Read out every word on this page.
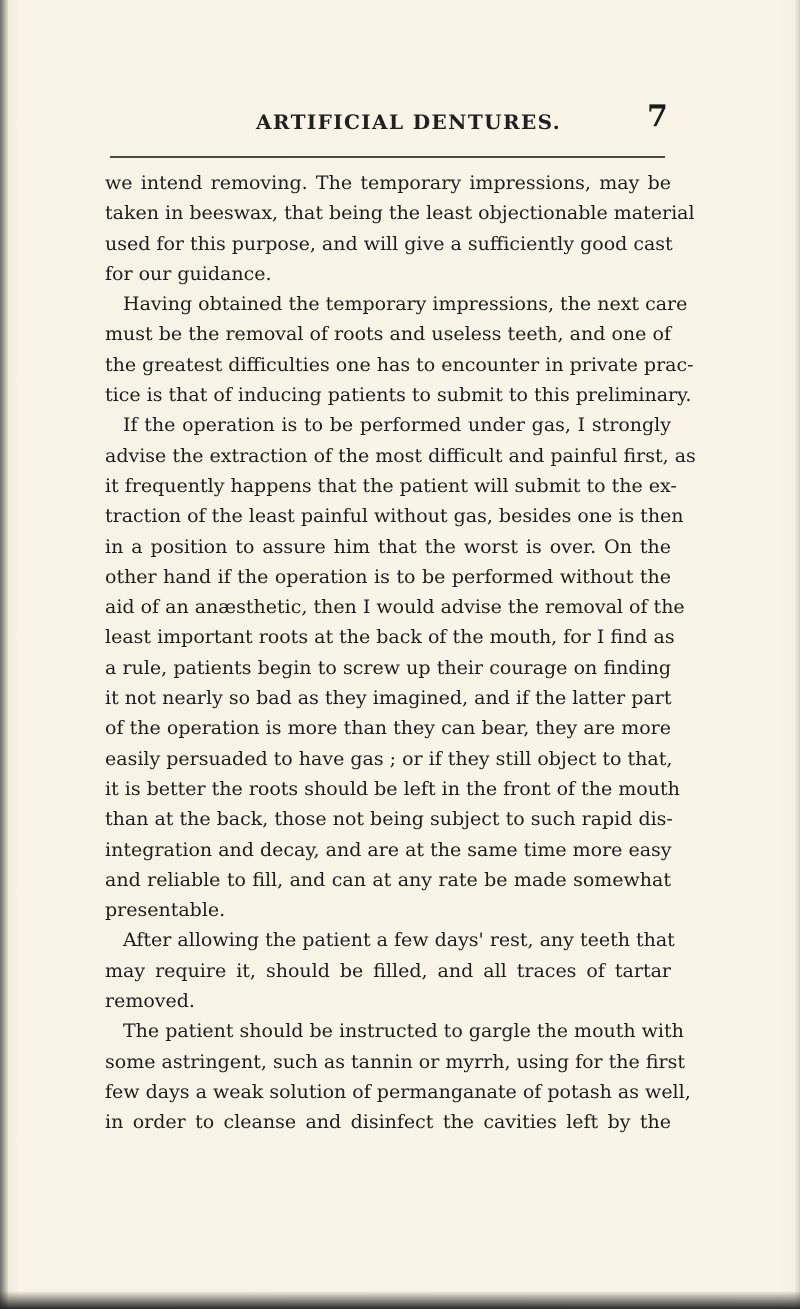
ARTIFICIAL DENTURES.	7
we intend removing. The temporary impressions, may be
taken in beeswax, that being the least objectionable material
used for this purpose, and will give a sufficiently good cast
for our guidance.
Having obtained the temporary impressions, the next care
must be the removal of roots and useless teeth, and one of
the greatest difficulties one has to encounter in private prac-
tice is that of inducing patients to submit to this preliminary.
If the operation is to be performed under gas, I strongly
advise the extraction of the most difficult and painful first, as
it frequently happens that the patient will submit to the ex-
traction of the least painful without gas, besides one is then
in a position to assure him that the worst is over. On the
other hand if the operation is to be performed without the
aid of an anæsthetic, then I would advise the removal of the
least important roots at the back of the mouth, for I find as
a rule, patients begin to screw up their courage on finding
it not nearly so bad as they imagined, and if the latter part
of the operation is more than they can bear, they are more
easily persuaded to have gas ; or if they still object to that,
it is better the roots should be left in the front of the mouth
than at the back, those not being subject to such rapid dis-
integration and decay, and are at the same time more easy
and reliable to fill, and can at any rate be made somewhat
presentable.
After allowing the patient a few days' rest, any teeth that
may require it, should be filled, and all traces of tartar
removed.
The patient should be instructed to gargle the mouth with
some astringent, such as tannin or myrrh, using for the first
few days a weak solution of permanganate of potash as well,
in order to cleanse and disinfect the cavities left by the
